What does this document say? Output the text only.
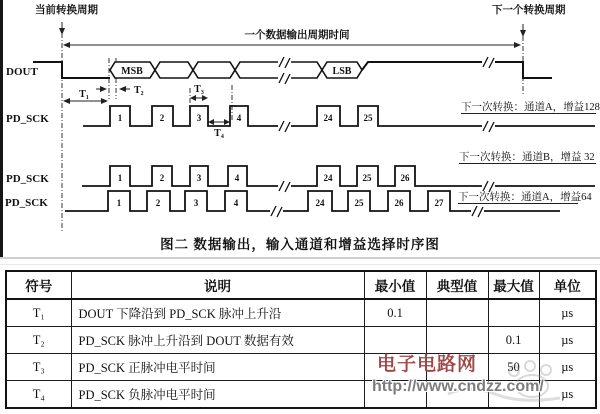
当前转换周期	下一个转换周期
一个数据输出周期时间
DOUT	MSB	LSB
T₁	T₂	T₃
T₄
PD_SCK	1	2	3	4	24	25
下一次转换：通道A，增益128
PD_SCK	1	2	3	4	24	25	26
下一次转换：通道B，增益 32
PD_SCK	1	2	3	4	24	25	26	27 下一次转换：通道A，增益64
图二 数据输出，输入通道和增益选择时序图
符号	说明	最小值	典型值	最大值	单位
T₁	DOUT 下降沿到 PD_SCK 脉冲上升沿	0.1			µs
T₂	PD_SCK 脉冲上升沿到 DOUT 数据有效			0.1	µs
T₃	PD_SCK 正脉冲电平时间			50	µs
T₄	PD_SCK 负脉冲电平时间				µs
电子电路网
http://www.cndzz.com/
